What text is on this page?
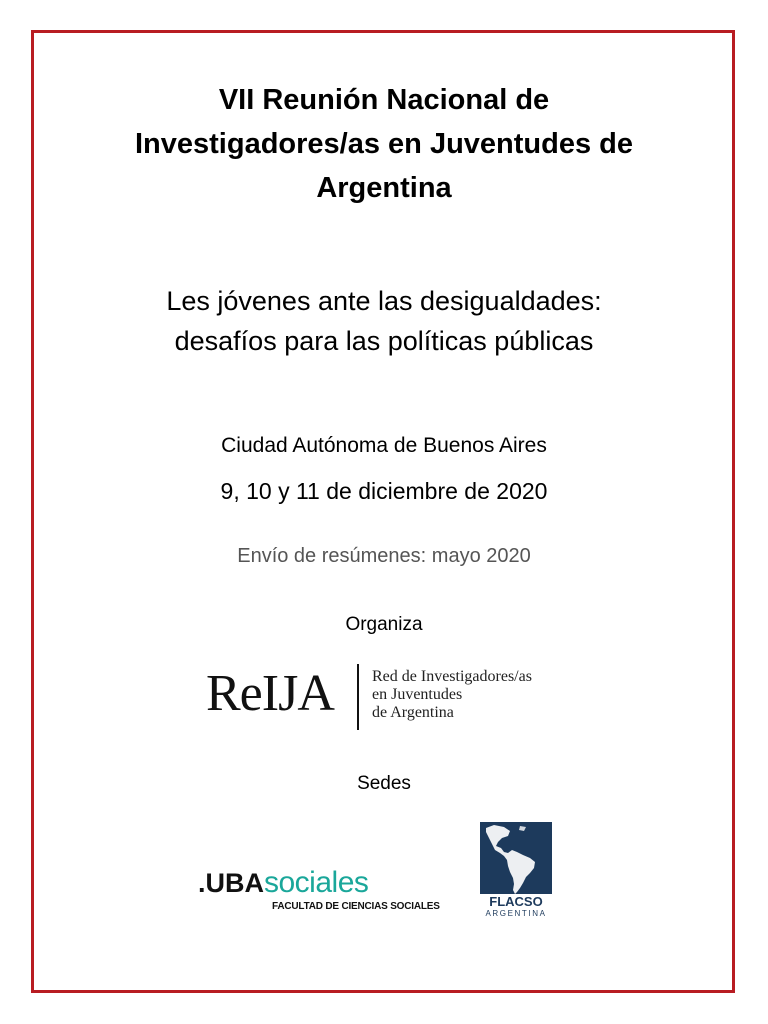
VII Reunión Nacional de
Investigadores/as en Juventudes de
Argentina
Les jóvenes ante las desigualdades:
desafíos para las políticas públicas

Ciudad Autónoma de Buenos Aires

9, 10 y 11 de diciembre de 2020

Envío de resúmenes: mayo 2020

Organiza

ReIJA Red de Investigadores/as
en Juventudes
de Argentina

Sedes

.UBAsociales
FACULTAD DE CIENCIAS SOCIALES	FLACSO
ARGENTINA
